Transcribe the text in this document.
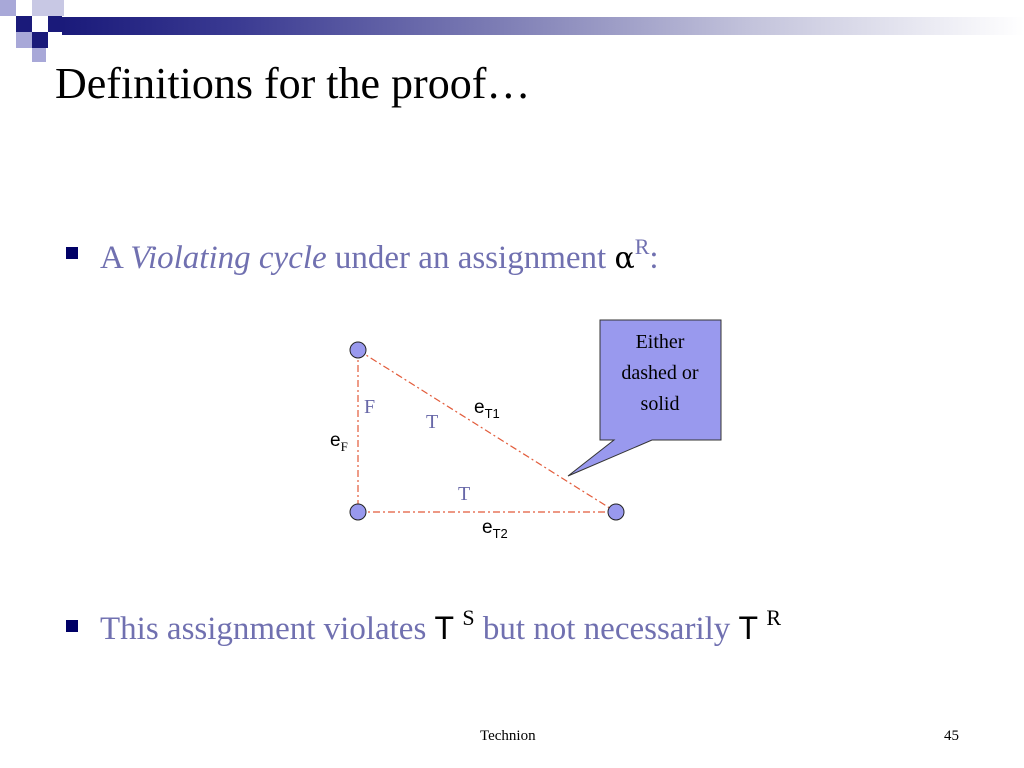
Definitions for the proof…
A Violating cycle under an assignment $\alpha^R$:
F
T
T
$e_F$
$e_{T1}$
$e_{T2}$
Either
dashed or
solid
This assignment violates T $^S$ but not necessarily T $^R$
Technion	45
